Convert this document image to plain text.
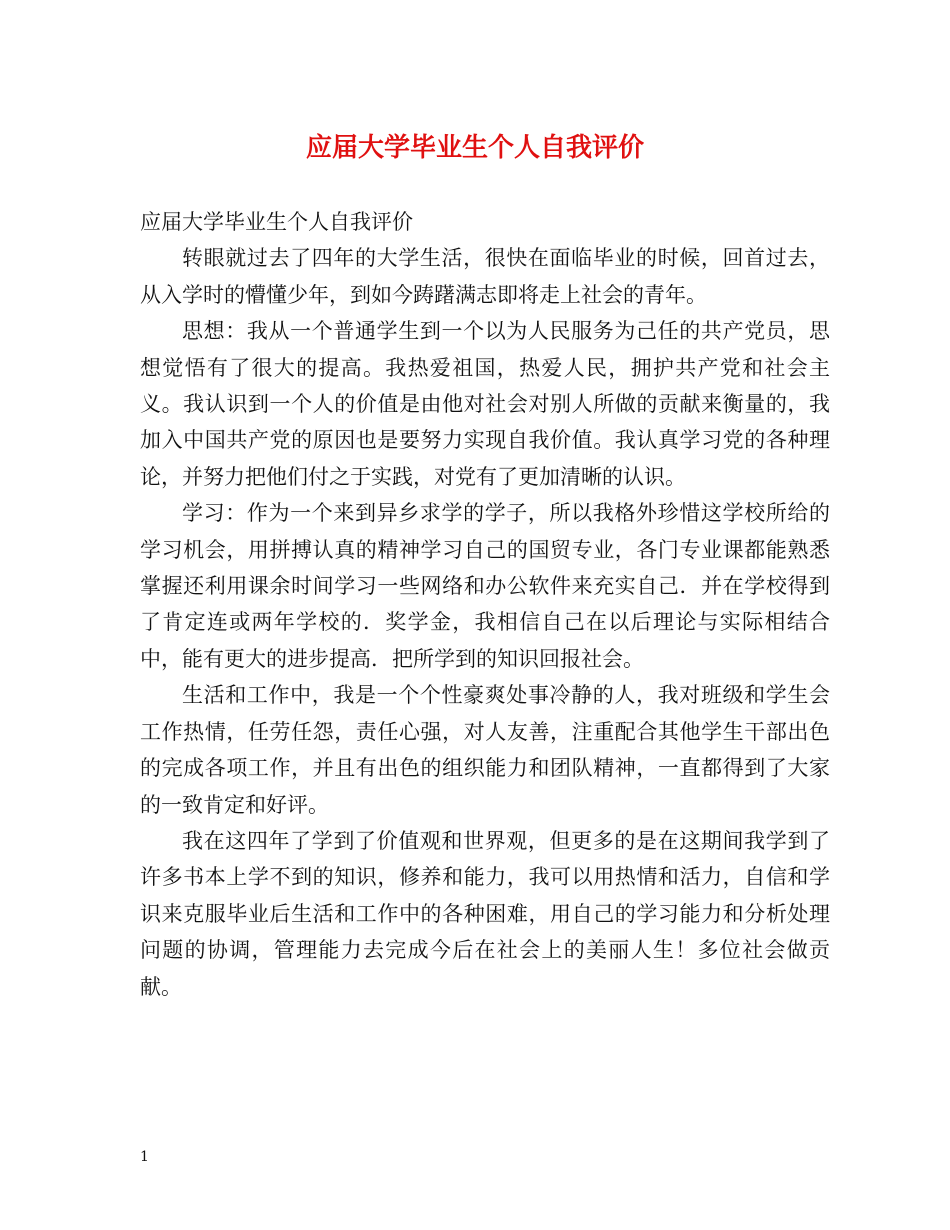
应届大学毕业生个人自我评价

应届大学毕业生个人自我评价

转眼就过去了四年的大学生活，很快在面临毕业的时候，回首过去，从入学时的懵懂少年，到如今踌躇满志即将走上社会的青年。

思想：我从一个普通学生到一个以为人民服务为己任的共产党员，思想觉悟有了很大的提高。我热爱祖国，热爱人民，拥护共产党和社会主义。我认识到一个人的价值是由他对社会对别人所做的贡献来衡量的，我加入中国共产党的原因也是要努力实现自我价值。我认真学习党的各种理论，并努力把他们付之于实践，对党有了更加清晰的认识。

学习：作为一个来到异乡求学的学子，所以我格外珍惜这学校所给的学习机会，用拼搏认真的精神学习自己的国贸专业，各门专业课都能熟悉掌握还利用课余时间学习一些网络和办公软件来充实自己．并在学校得到了肯定连或两年学校的．奖学金，我相信自己在以后理论与实际相结合中，能有更大的进步提高．把所学到的知识回报社会。

生活和工作中，我是一个个性豪爽处事冷静的人，我对班级和学生会工作热情，任劳任怨，责任心强，对人友善，注重配合其他学生干部出色的完成各项工作，并且有出色的组织能力和团队精神，一直都得到了大家的一致肯定和好评。

我在这四年了学到了价值观和世界观，但更多的是在这期间我学到了许多书本上学不到的知识，修养和能力，我可以用热情和活力，自信和学识来克服毕业后生活和工作中的各种困难，用自己的学习能力和分析处理问题的协调，管理能力去完成今后在社会上的美丽人生！多位社会做贡献。

1
